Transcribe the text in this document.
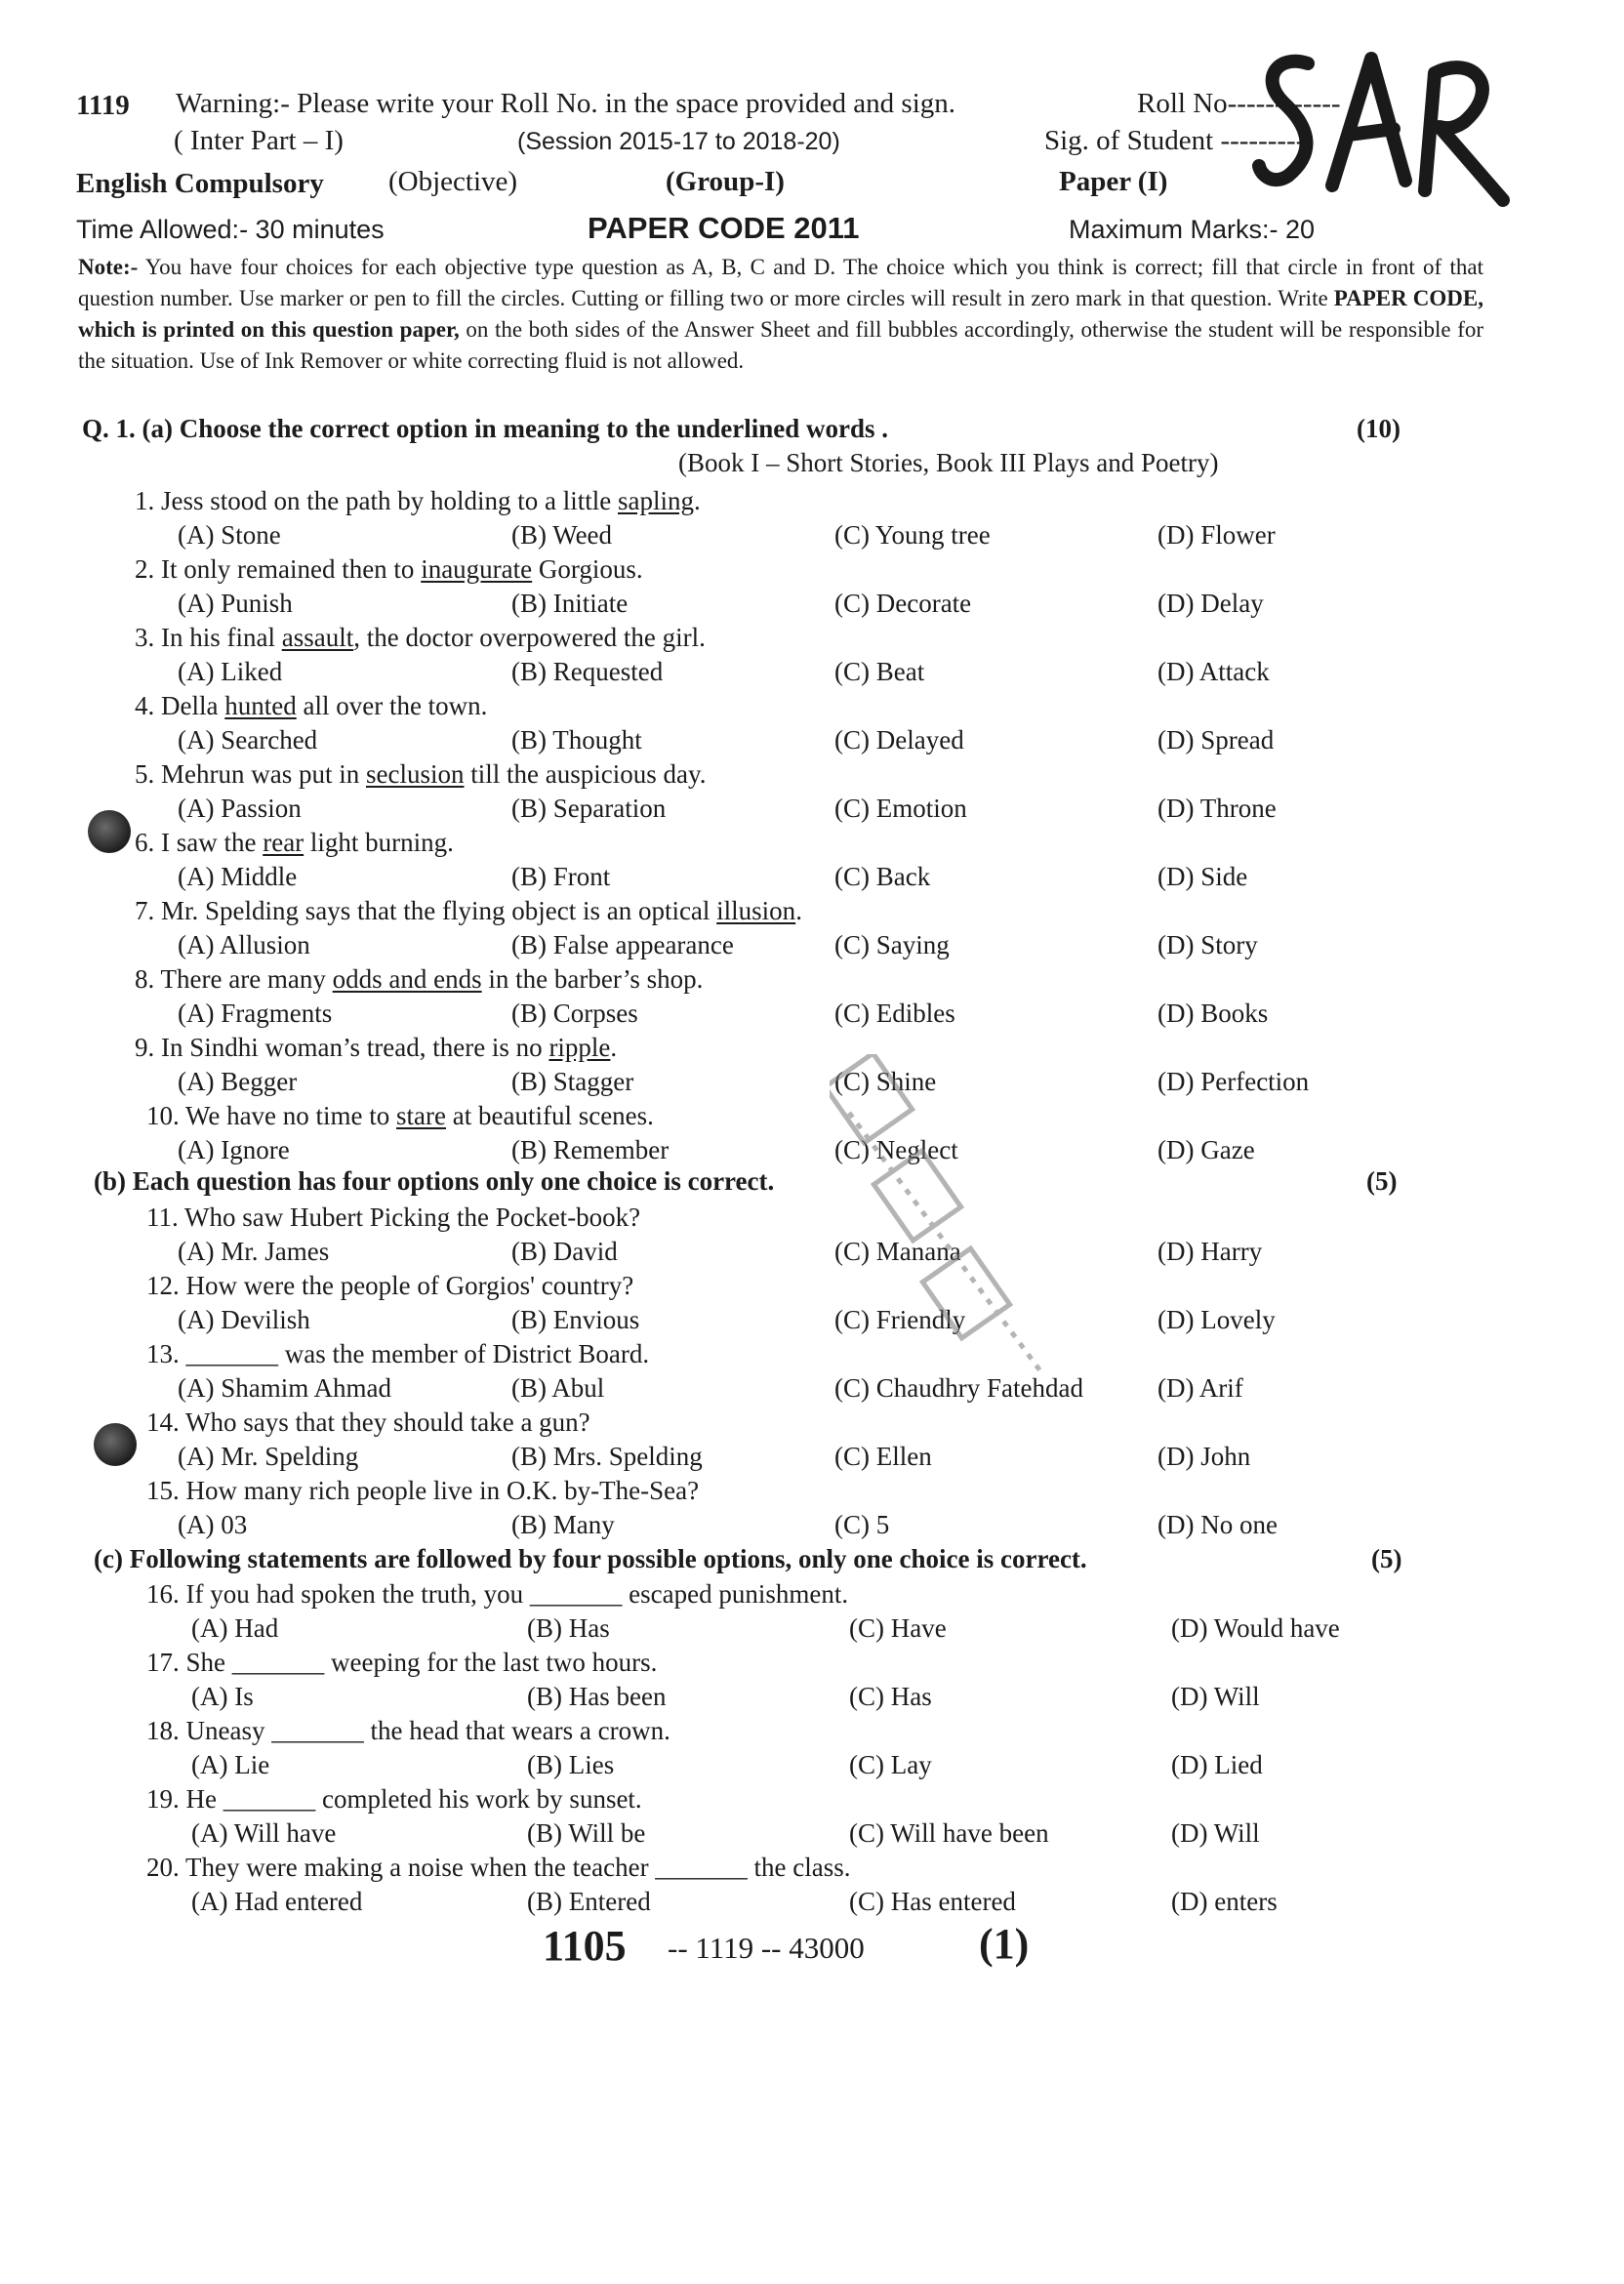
1119 Warning:- Please write your Roll No. in the space provided and sign.	Roll No------------
( Inter Part – I)	(Session 2015-17 to 2018-20)	Sig. of Student ---------
English Compulsory (Objective)	(Group-I)	Paper (I)
Time Allowed:- 30 minutes	PAPER CODE 2011	Maximum Marks:- 20
SAR
Note:- You have four choices for each objective type question as A, B, C and D. The choice which you think is correct; fill that circle in front of that question number. Use marker or pen to fill the circles. Cutting or filling two or more circles will result in zero mark in that question. Write PAPER CODE, which is printed on this question paper, on the both sides of the Answer Sheet and fill bubbles accordingly, otherwise the student will be responsible for the situation. Use of Ink Remover or white correcting fluid is not allowed.
Q. 1. (a) Choose the correct option in meaning to the underlined words .	(10)
(Book I – Short Stories, Book III Plays and Poetry)
(b) Each question has four options only one choice is correct.	(5)
(c) Following statements are followed by four possible options, only one choice is correct.	(5)
1. Jess stood on the path by holding to a little sapling.
(A) Stone	(B) Weed	(C) Young tree	(D) Flower
2. It only remained then to inaugurate Gorgious.
(A) Punish	(B) Initiate	(C) Decorate	(D) Delay
3. In his final assault, the doctor overpowered the girl.
(A) Liked	(B) Requested	(C) Beat	(D) Attack
4. Della hunted all over the town.
(A) Searched	(B) Thought	(C) Delayed	(D) Spread
5. Mehrun was put in seclusion till the auspicious day.
(A) Passion	(B) Separation	(C) Emotion	(D) Throne
6. I saw the rear light burning.
(A) Middle	(B) Front	(C) Back	(D) Side
7. Mr. Spelding says that the flying object is an optical illusion.
(A) Allusion	(B) False appearance	(C) Saying	(D) Story
8. There are many odds and ends in the barber’s shop.
(A) Fragments	(B) Corpses	(C) Edibles	(D) Books
9. In Sindhi woman’s tread, there is no ripple.
(A) Begger	(B) Stagger	(C) Shine	(D) Perfection
10. We have no time to stare at beautiful scenes.
(A) Ignore	(B) Remember	(C) Neglect	(D) Gaze
11. Who saw Hubert Picking the Pocket-book?
(A) Mr. James	(B) David	(C) Manana	(D) Harry
12. How were the people of Gorgios' country?
(A) Devilish	(B) Envious	(C) Friendly	(D) Lovely
13. _______ was the member of District Board.
(A) Shamim Ahmad	(B) Abul	(C) Chaudhry Fatehdad	(D) Arif
14. Who says that they should take a gun?
(A) Mr. Spelding	(B) Mrs. Spelding	(C) Ellen	(D) John
15. How many rich people live in O.K. by-The-Sea?
(A) 03	(B) Many	(C) 5	(D) No one
16. If you had spoken the truth, you _______ escaped punishment.
(A) Had	(B) Has	(C) Have	(D) Would have
17. She _______ weeping for the last two hours.
(A) Is	(B) Has been	(C) Has	(D) Will
18. Uneasy _______ the head that wears a crown.
(A) Lie	(B) Lies	(C) Lay	(D) Lied
19. He _______ completed his work by sunset.
(A) Will have	(B) Will be	(C) Will have been	(D) Will
20. They were making a noise when the teacher _______ the class.
(A) Had entered	(B) Entered	(C) Has entered	(D) enters
1105 -- 1119 -- 43000	(1)
